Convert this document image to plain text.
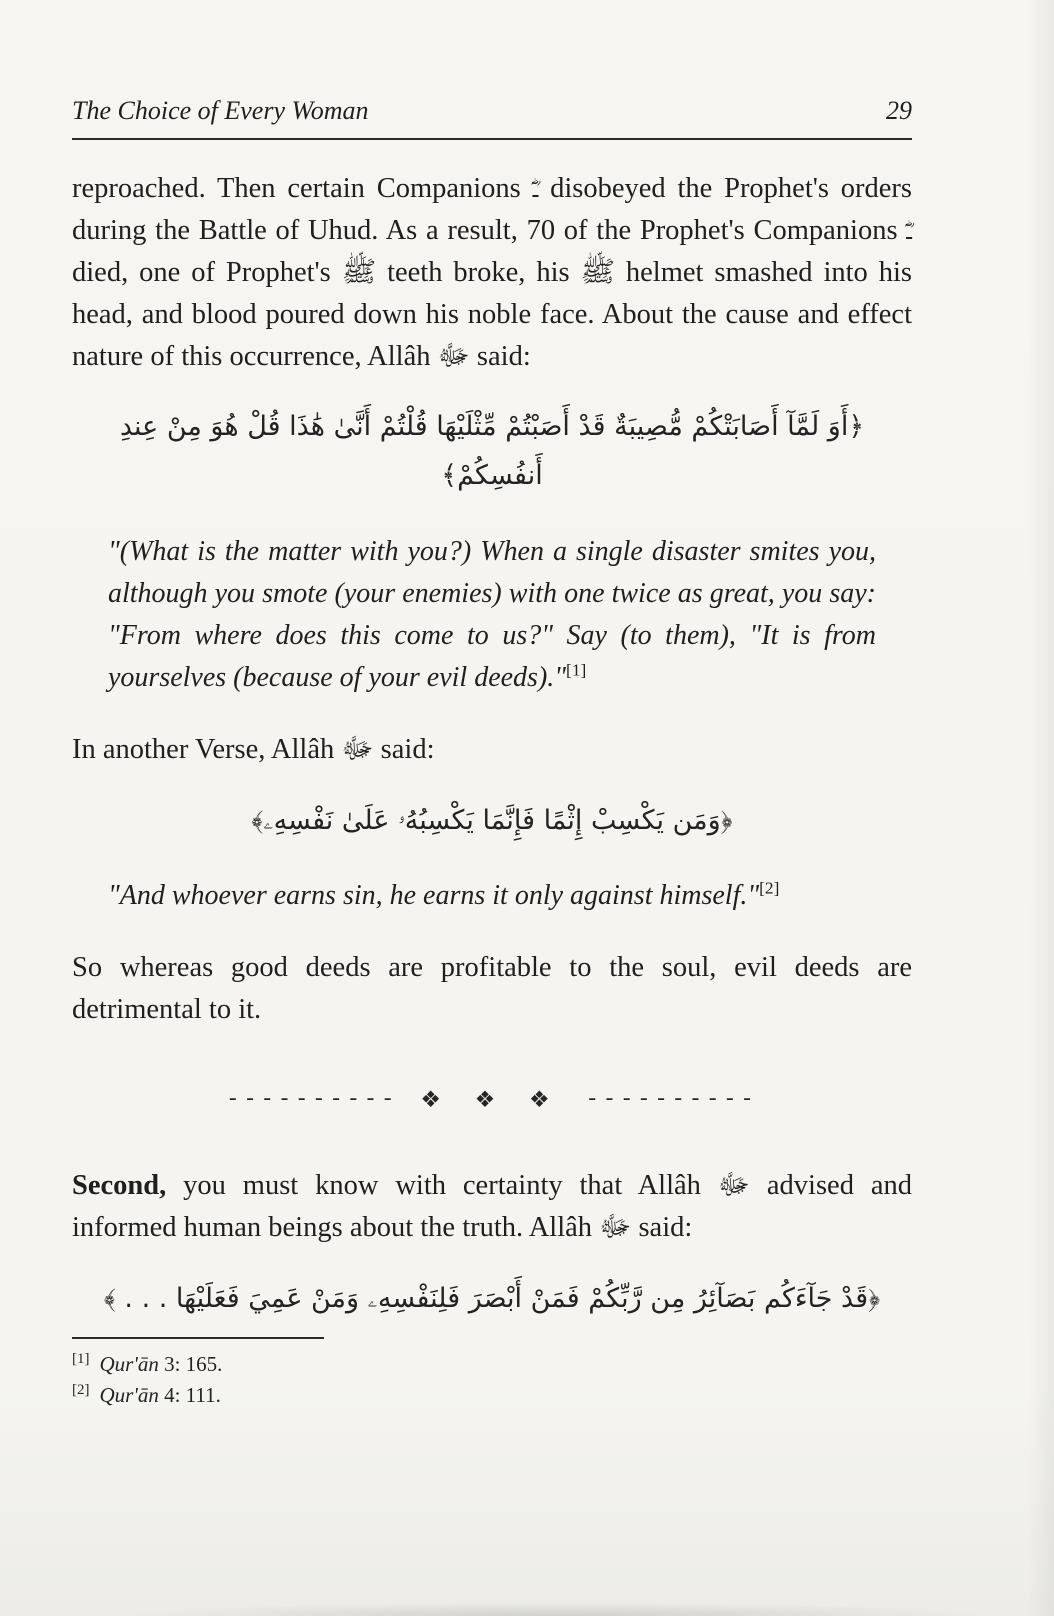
The Choice of Every Woman	29

reproached. Then certain Companions ـؓ disobeyed the Prophet's orders during the Battle of Uhud. As a result, 70 of the Prophet's Companions ـؓ died, one of Prophet's ﷺ teeth broke, his ﷺ helmet smashed into his head, and blood poured down his noble face. About the cause and effect nature of this occurrence, Allâh ﷻ said:

﴿أَوَ لَمَّآ أَصَابَتْكُمْ مُّصِيبَةٌ قَدْ أَصَبْتُمْ مِّثْلَيْهَا قُلْتُمْ أَنَّىٰ هَٰذَا قُلْ هُوَ مِنْ عِندِ
أَنفُسِكُمْ﴾
"(What is the matter with you?) When a single disaster smites you, although you smote (your enemies) with one twice as great, you say: "From where does this come to us?" Say (to them), "It is from yourselves (because of your evil deeds)."[1]

In another Verse, Allâh ﷻ said:

﴿وَمَن يَكْسِبْ إِثْمًا فَإِنَّمَا يَكْسِبُهُۥ عَلَىٰ نَفْسِهِۦ﴾
"And whoever earns sin, he earns it only against himself."[2]

So whereas good deeds are profitable to the soul, evil deeds are detrimental to it.

---------- ❖ ❖ ❖ ----------

Second, you must know with certainty that Allâh ﷻ advised and informed human beings about the truth. Allâh ﷻ said:

﴿قَدْ جَآءَكُم بَصَآئِرُ مِن رَّبِّكُمْ فَمَنْ أَبْصَرَ فَلِنَفْسِهِۦ وَمَنْ عَمِيَ فَعَلَيْهَا . . . ﴾
[1] Qur'ān 3: 165.
[2] Qur'ān 4: 111.
